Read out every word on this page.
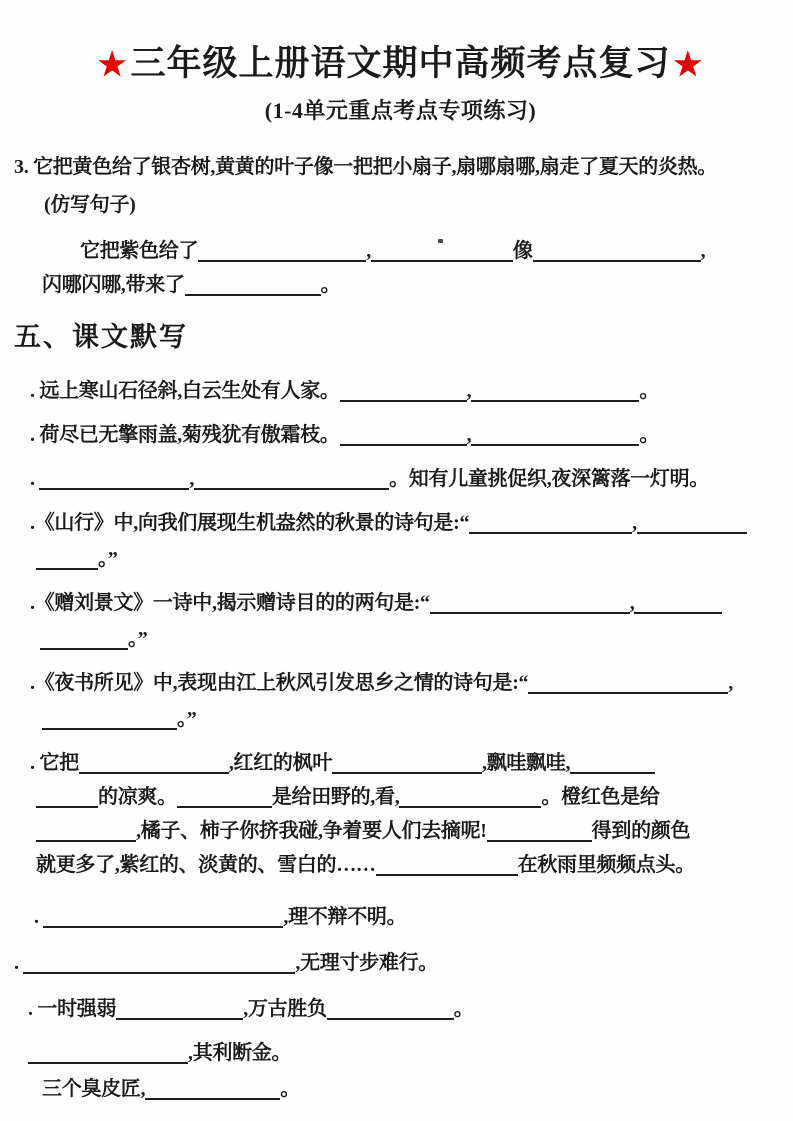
★ 三年级上册语文期中高频考点复习 ★
(1-4单元重点考点专项练习)
3. 它把黄色给了银杏树,黄黄的叶子像一把把小扇子,扇哪扇哪,扇走了夏天的炎热。
(仿写句子)
它把紫色给了	,	像	,
闪哪闪哪,带来了	。
五、课文默写
. 远上寒山石径斜,白云生处有人家。	,	。
. 荷尽已无擎雨盖,菊残犹有傲霜枝。	,	。
.	,	。知有儿童挑促织,夜深篱落一灯明。
.《山行》中,向我们展现生机盎然的秋景的诗句是:“	,
。”
.《赠刘景文》一诗中,揭示赠诗目的的两句是:“	,
。”
.《夜书所见》中,表现由江上秋风引发思乡之情的诗句是:“	,
。”
. 它把	,红红的枫叶	,飘哇飘哇,
的凉爽。	是给田野的,看,	。橙红色是给
,橘子、柿子你挤我碰,争着要人们去摘呢!	得到的颜色
就更多了,紫红的、淡黄的、雪白的……	在秋雨里频频点头。
.	,理不辩不明。
.	,无理寸步难行。
. 一时强弱	,万古胜负	。
,其利断金。
三个臭皮匠,	。
